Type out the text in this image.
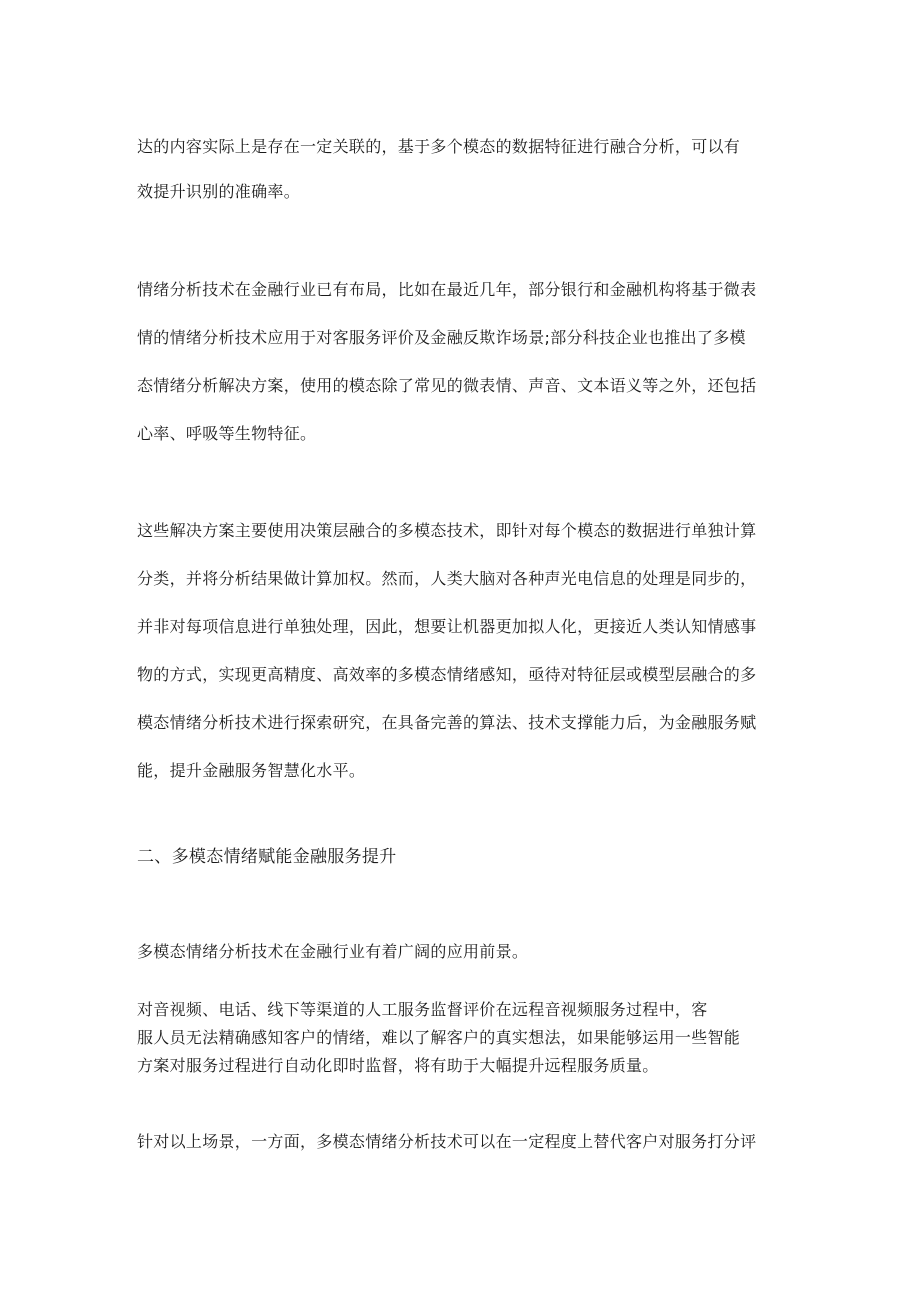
达的内容实际上是存在一定关联的，基于多个模态的数据特征进行融合分析，可以有
效提升识别的准确率。

情绪分析技术在金融行业已有布局，比如在最近几年，部分银行和金融机构将基于微表
情的情绪分析技术应用于对客服务评价及金融反欺诈场景;部分科技企业也推出了多模
态情绪分析解决方案，使用的模态除了常见的微表情、声音、文本语义等之外，还包括
心率、呼吸等生物特征。

这些解决方案主要使用决策层融合的多模态技术，即针对每个模态的数据进行单独计算
分类，并将分析结果做计算加权。然而，人类大脑对各种声光电信息的处理是同步的，
并非对每项信息进行单独处理，因此，想要让机器更加拟人化，更接近人类认知情感事
物的方式，实现更高精度、高效率的多模态情绪感知，亟待对特征层或模型层融合的多
模态情绪分析技术进行探索研究，在具备完善的算法、技术支撑能力后，为金融服务赋
能，提升金融服务智慧化水平。

二、多模态情绪赋能金融服务提升

多模态情绪分析技术在金融行业有着广阔的应用前景。

对音视频、电话、线下等渠道的人工服务监督评价在远程音视频服务过程中，客
服人员无法精确感知客户的情绪，难以了解客户的真实想法，如果能够运用一些智能
方案对服务过程进行自动化即时监督，将有助于大幅提升远程服务质量。

针对以上场景，一方面，多模态情绪分析技术可以在一定程度上替代客户对服务打分评
